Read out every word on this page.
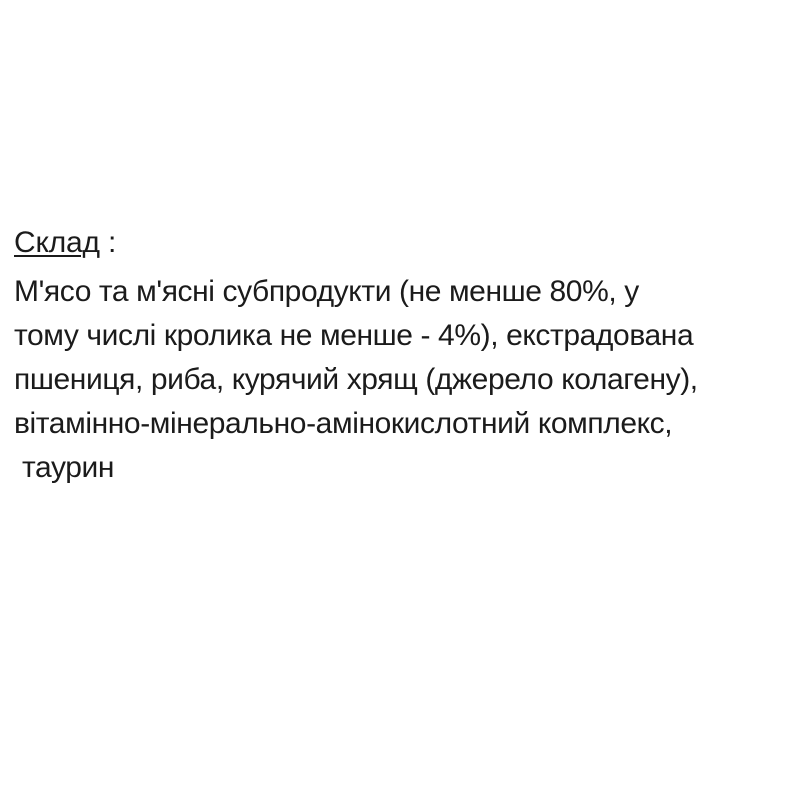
Склад :
М'ясо та м'ясні субпродукти (не менше 80%, у
тому числі кролика не менше - 4%), екстрадована
пшениця, риба, курячий хрящ (джерело колагену),
вітамінно-мінерально-амінокислотний комплекс,
таурин
